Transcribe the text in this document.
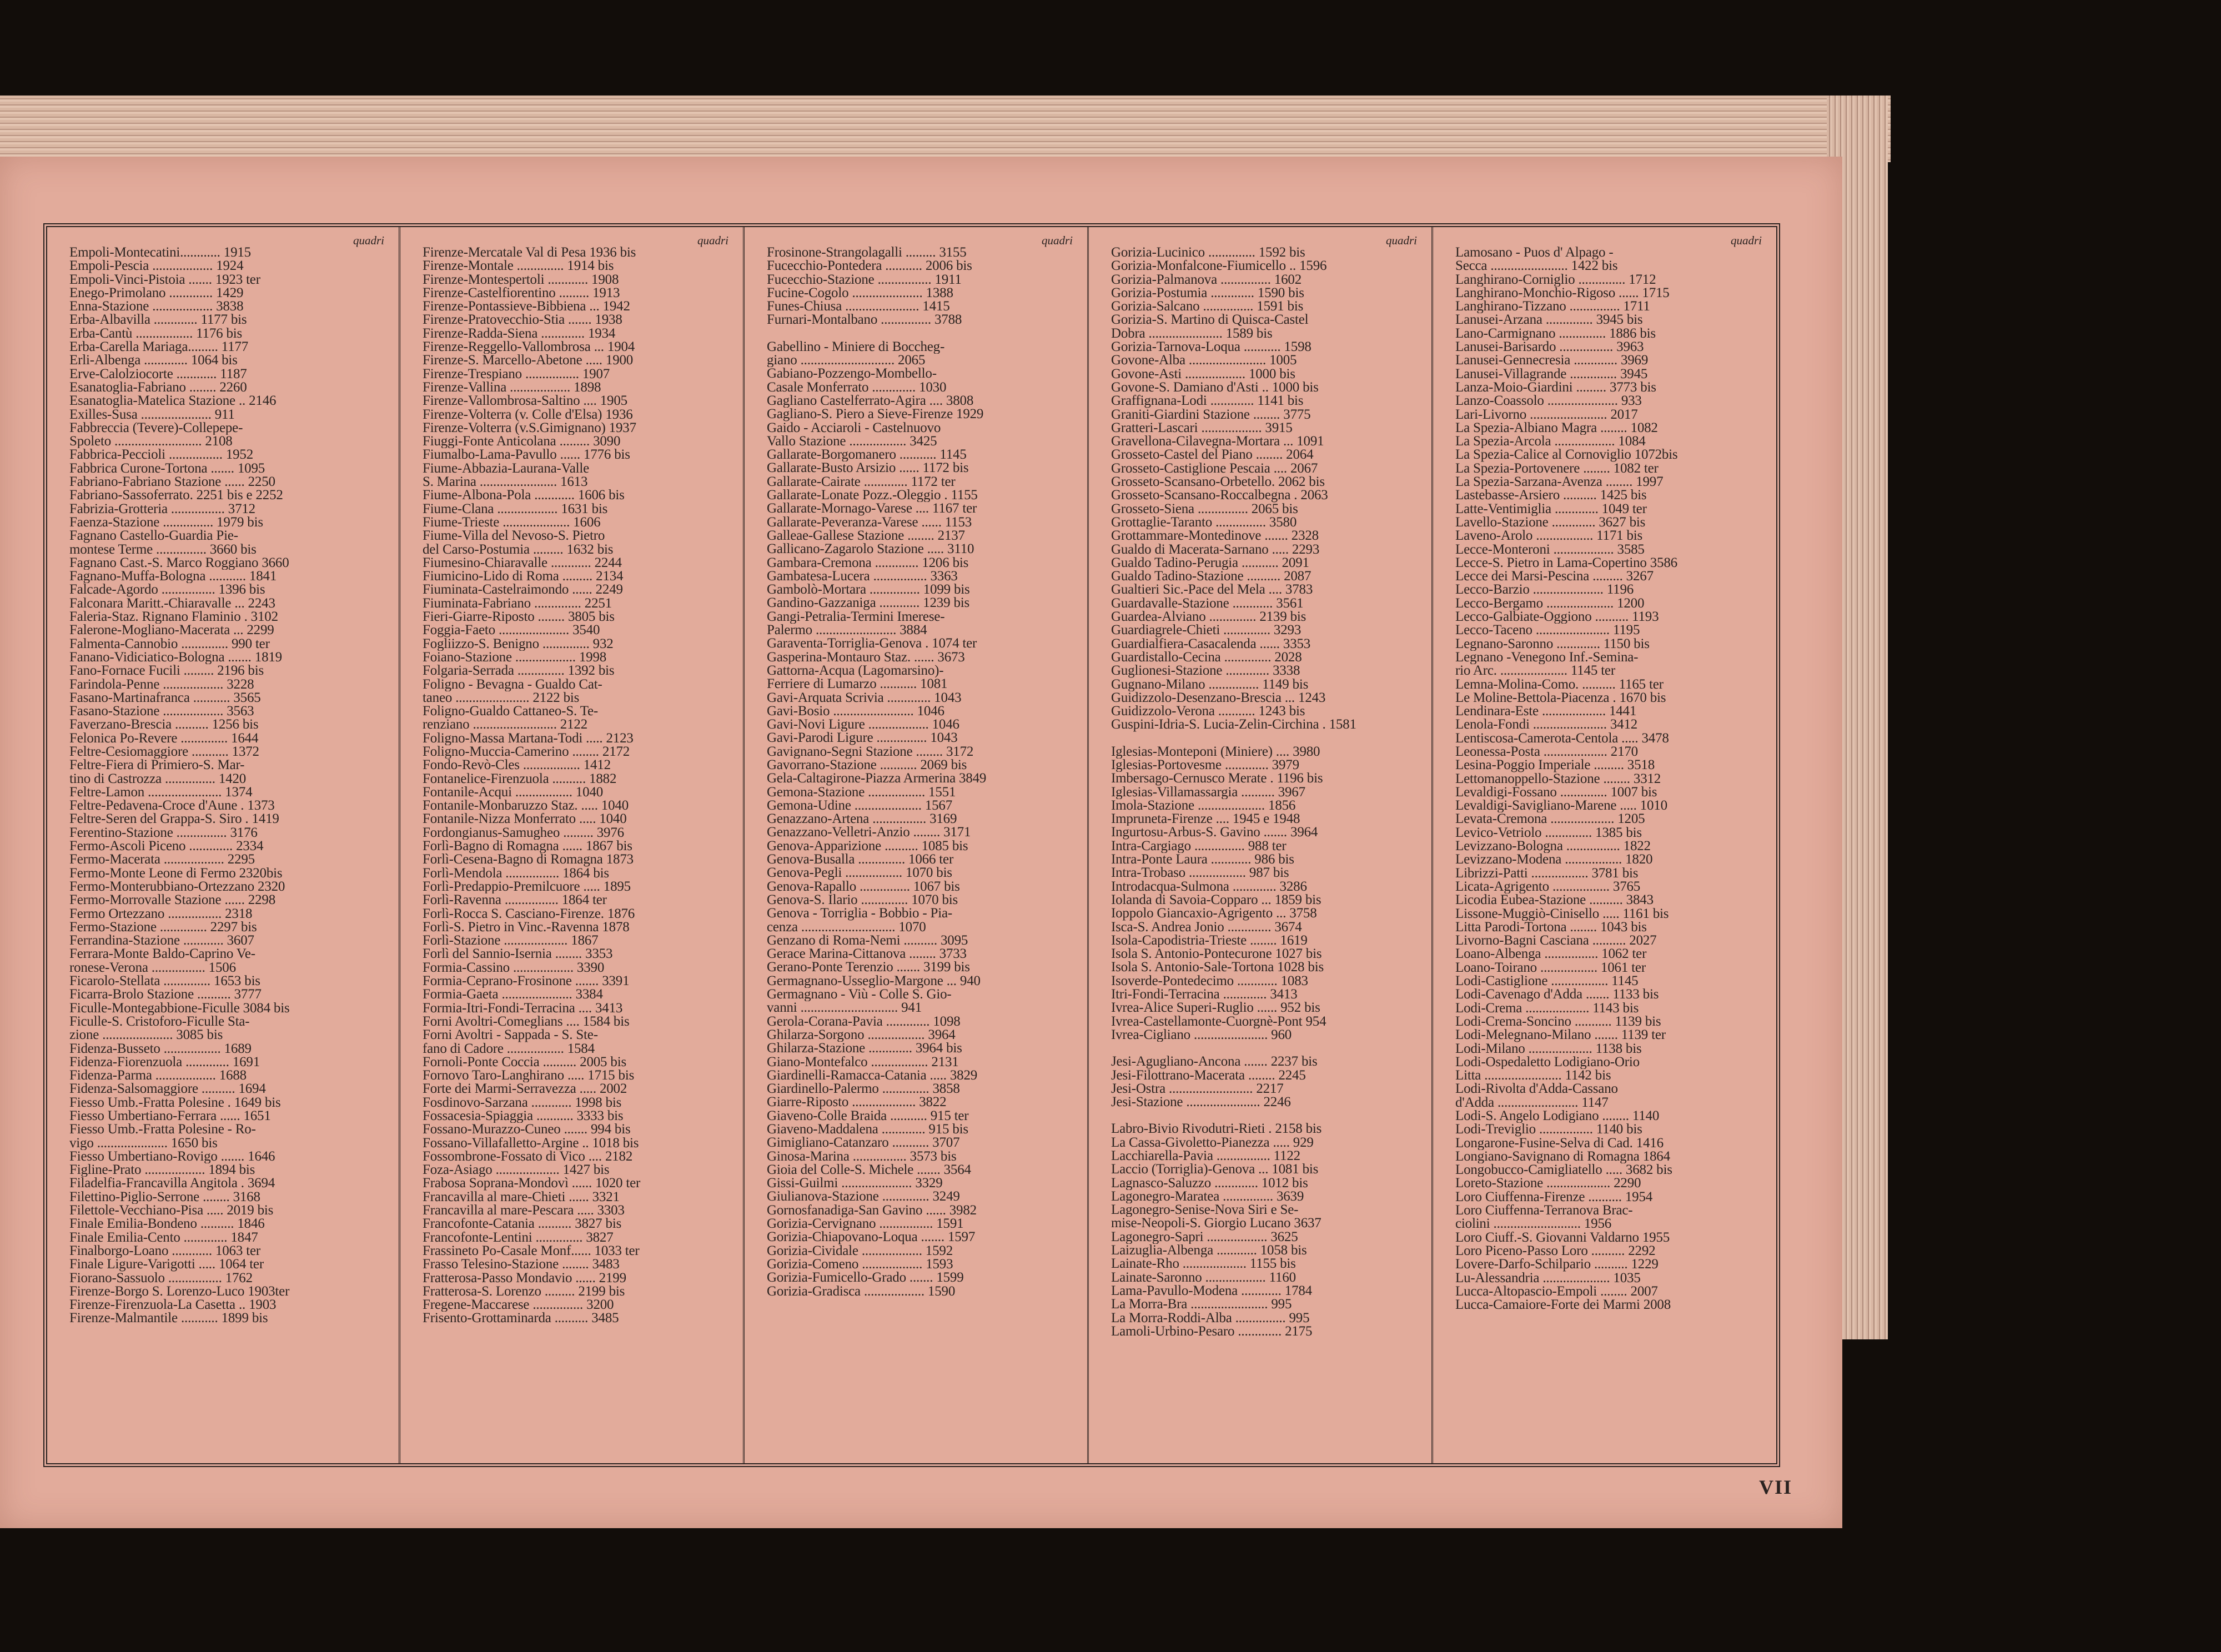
quadri
Empoli-Montecatini............ 1915
Empoli-Pescia .................. 1924
Empoli-Vinci-Pistoia ....... 1923 ter
Enego-Primolano ............. 1429
Enna-Stazione .................. 3838
Erba-Albavilla ............. 1177 bis
Erba-Cantù ................. 1176 bis
Erba-Carella Mariaga......... 1177
Erli-Albenga ............. 1064 bis
Erve-Calolziocorte ............ 1187
Esanatoglia-Fabriano ........ 2260
Esanatoglia-Matelica Stazione .. 2146
Exilles-Susa ..................... 911
Fabbreccia (Tevere)-Collepepe-
Spoleto .......................... 2108
Fabbrica-Peccioli ................ 1952
Fabbrica Curone-Tortona ....... 1095
Fabriano-Fabriano Stazione ...... 2250
Fabriano-Sassoferrato. 2251 bis e 2252
Fabrizia-Grotteria ................ 3712
Faenza-Stazione ............... 1979 bis
Fagnano Castello-Guardia Pie-
montese Terme ............... 3660 bis
Fagnano Cast.-S. Marco Roggiano 3660
Fagnano-Muffa-Bologna ........... 1841
Falcade-Agordo ................ 1396 bis
Falconara Maritt.-Chiaravalle ... 2243
Faleria-Staz. Rignano Flaminio . 3102
Falerone-Mogliano-Macerata ... 2299
Falmenta-Cannobio .............. 990 ter
Fanano-Vidiciatico-Bologna ....... 1819
Fano-Fornace Fucili ......... 2196 bis
Farindola-Penne .................. 3228
Fasano-Martinafranca ........... 3565
Fasano-Stazione .................. 3563
Faverzano-Brescia .......... 1256 bis
Felonica Po-Revere .............. 1644
Feltre-Cesiomaggiore ........... 1372
Feltre-Fiera di Primiero-S. Mar-
tino di Castrozza ............... 1420
Feltre-Lamon ...................... 1374
Feltre-Pedavena-Croce d'Aune . 1373
Feltre-Seren del Grappa-S. Siro . 1419
Ferentino-Stazione ............... 3176
Fermo-Ascoli Piceno ............. 2334
Fermo-Macerata .................. 2295
Fermo-Monte Leone di Fermo 2320bis
Fermo-Monterubbiano-Ortezzano 2320
Fermo-Morrovalle Stazione ...... 2298
Fermo Ortezzano ................ 2318
Fermo-Stazione .............. 2297 bis
Ferrandina-Stazione ............ 3607
Ferrara-Monte Baldo-Caprino Ve-
ronese-Verona ................ 1506
Ficarolo-Stellata .............. 1653 bis
Ficarra-Brolo Stazione .......... 3777
Ficulle-Montegabbione-Ficulle 3084 bis
Ficulle-S. Cristoforo-Ficulle Sta-
zione ..................... 3085 bis
Fidenza-Busseto ................. 1689
Fidenza-Fiorenzuola ............. 1691
Fidenza-Parma .................. 1688
Fidenza-Salsomaggiore .......... 1694
Fiesso Umb.-Fratta Polesine . 1649 bis
Fiesso Umbertiano-Ferrara ...... 1651
Fiesso Umb.-Fratta Polesine - Ro-
vigo ..................... 1650 bis
Fiesso Umbertiano-Rovigo ....... 1646
Figline-Prato .................. 1894 bis
Filadelfia-Francavilla Angitola . 3694
Filettino-Piglio-Serrone ........ 3168
Filettole-Vecchiano-Pisa ..... 2019 bis
Finale Emilia-Bondeno .......... 1846
Finale Emilia-Cento ............. 1847
Finalborgo-Loano ............ 1063 ter
Finale Ligure-Varigotti ..... 1064 ter
Fiorano-Sassuolo ................ 1762
Firenze-Borgo S. Lorenzo-Luco 1903ter
Firenze-Firenzuola-La Casetta .. 1903
Firenze-Malmantile ........... 1899 bis
quadri
Firenze-Mercatale Val di Pesa 1936 bis
Firenze-Montale .............. 1914 bis
Firenze-Montespertoli ............ 1908
Firenze-Castelfiorentino ......... 1913
Firenze-Pontassieve-Bibbiena ... 1942
Firenze-Pratovecchio-Stia ....... 1938
Firenze-Radda-Siena ............. 1934
Firenze-Reggello-Vallombrosa ... 1904
Firenze-S. Marcello-Abetone ..... 1900
Firenze-Trespiano ................ 1907
Firenze-Vallina .................. 1898
Firenze-Vallombrosa-Saltino .... 1905
Firenze-Volterra (v. Colle d'Elsa) 1936
Firenze-Volterra (v.S.Gimignano) 1937
Fiuggi-Fonte Anticolana ......... 3090
Fiumalbo-Lama-Pavullo ...... 1776 bis
Fiume-Abbazia-Laurana-Valle
S. Marina ....................... 1613
Fiume-Albona-Pola ............ 1606 bis
Fiume-Clana .................. 1631 bis
Fiume-Trieste .................... 1606
Fiume-Villa del Nevoso-S. Pietro
del Carso-Postumia ......... 1632 bis
Fiumesino-Chiaravalle ............ 2244
Fiumicino-Lido di Roma ......... 2134
Fiuminata-Castelraimondo ...... 2249
Fiuminata-Fabriano .............. 2251
Fieri-Giarre-Riposto ........ 3805 bis
Foggia-Faeto ..................... 3540
Fogliizzo-S. Benigno .............. 932
Foiano-Stazione .................. 1998
Folgaria-Serrada .............. 1392 bis
Foligno - Bevagna - Gualdo Cat-
taneo ...................... 2122 bis
Foligno-Gualdo Cattaneo-S. Te-
renziano ......................... 2122
Foligno-Massa Martana-Todi ..... 2123
Foligno-Muccia-Camerino ........ 2172
Fondo-Revò-Cles ................. 1412
Fontanelice-Firenzuola .......... 1882
Fontanile-Acqui ................. 1040
Fontanile-Monbaruzzo Staz. ..... 1040
Fontanile-Nizza Monferrato ..... 1040
Fordongianus-Samugheo ......... 3976
Forlì-Bagno di Romagna ...... 1867 bis
Forlì-Cesena-Bagno di Romagna 1873
Forlì-Mendola ................ 1864 bis
Forlì-Predappio-Premilcuore ..... 1895
Forlì-Ravenna ................ 1864 ter
Forlì-Rocca S. Casciano-Firenze. 1876
Forlì-S. Pietro in Vinc.-Ravenna 1878
Forlì-Stazione ................... 1867
Forlì del Sannio-Isernia ........ 3353
Formia-Cassino .................. 3390
Formia-Ceprano-Frosinone ....... 3391
Formia-Gaeta ..................... 3384
Formia-Itri-Fondi-Terracina .... 3413
Forni Avoltri-Comeglians .... 1584 bis
Forni Avoltri - Sappada - S. Ste-
fano di Cadore ................. 1584
Fornoli-Ponte Coccia .......... 2005 bis
Fornovo Taro-Langhirano ..... 1715 bis
Forte dei Marmi-Serravezza ..... 2002
Fosdinovo-Sarzana ............ 1998 bis
Fossacesia-Spiaggia ........... 3333 bis
Fossano-Murazzo-Cuneo ....... 994 bis
Fossano-Villafalletto-Argine .. 1018 bis
Fossombrone-Fossato di Vico .... 2182
Foza-Asiago ................... 1427 bis
Frabosa Soprana-Mondovì ...... 1020 ter
Francavilla al mare-Chieti ...... 3321
Francavilla al mare-Pescara ..... 3303
Francofonte-Catania .......... 3827 bis
Francofonte-Lentini .............. 3827
Frassineto Po-Casale Monf...... 1033 ter
Frasso Telesino-Stazione ........ 3483
Fratterosa-Passo Mondavio ...... 2199
Fratterosa-S. Lorenzo ......... 2199 bis
Fregene-Maccarese ............... 3200
Frisento-Grottaminarda .......... 3485
quadri
Frosinone-Strangolagalli ......... 3155
Fucecchio-Pontedera ........... 2006 bis
Fucecchio-Stazione ................ 1911
Fucine-Cogolo ..................... 1388
Funes-Chiusa ...................... 1415
Furnari-Montalbano ............... 3788
Gabellino - Miniere di Boccheg-
giano ............................ 2065
Gabiano-Pozzengo-Mombello-
Casale Monferrato ............. 1030
Gagliano Castelferrato-Agira .... 3808
Gagliano-S. Piero a Sieve-Firenze 1929
Gaido - Acciaroli - Castelnuovo
Vallo Stazione ................. 3425
Gallarate-Borgomanero ........... 1145
Gallarate-Busto Arsizio ...... 1172 bis
Gallarate-Cairate ............. 1172 ter
Gallarate-Lonate Pozz.-Oleggio . 1155
Gallarate-Mornago-Varese .... 1167 ter
Gallarate-Peveranza-Varese ...... 1153
Galleae-Gallese Stazione ........ 2137
Gallicano-Zagarolo Stazione ..... 3110
Gambara-Cremona ............. 1206 bis
Gambatesa-Lucera ................ 3363
Gambolò-Mortara ............... 1099 bis
Gandino-Gazzaniga ............ 1239 bis
Gangi-Petralia-Termini Imerese-
Palermo ........................ 3884
Garaventa-Torriglia-Genova . 1074 ter
Gasperina-Montauro Staz. ...... 3673
Gattorna-Acqua (Lagomarsino)-
Ferriere di Lumarzo ........... 1081
Gavi-Arquata Scrivia ............. 1043
Gavi-Bosio ........................ 1046
Gavi-Novi Ligure .................. 1046
Gavi-Parodi Ligure ............... 1043
Gavignano-Segni Stazione ........ 3172
Gavorrano-Stazione ........... 2069 bis
Gela-Caltagirone-Piazza Armerina 3849
Gemona-Stazione ................. 1551
Gemona-Udine .................... 1567
Genazzano-Artena ................ 3169
Genazzano-Velletri-Anzio ........ 3171
Genova-Apparizione .......... 1085 bis
Genova-Busalla .............. 1066 ter
Genova-Pegli ................. 1070 bis
Genova-Rapallo ............... 1067 bis
Genova-S. Ilario .............. 1070 bis
Genova - Torriglia - Bobbio - Pia-
cenza ............................ 1070
Genzano di Roma-Nemi .......... 3095
Gerace Marina-Cittanova ........ 3733
Gerano-Ponte Terenzio ....... 3199 bis
Germagnano-Usseglio-Margone ... 940
Germagnano - Viù - Colle S. Gio-
vanni ............................. 941
Gerola-Corana-Pavia ............. 1098
Ghilarza-Sorgono ................. 3964
Ghilarza-Stazione ............. 3964 bis
Giano-Montefalco ................. 2131
Giardinelli-Ramacca-Catania ..... 3829
Giardinello-Palermo .............. 3858
Giarre-Riposto ................... 3822
Giaveno-Colle Braida ........... 915 ter
Giaveno-Maddalena ............. 915 bis
Gimigliano-Catanzaro ........... 3707
Ginosa-Marina ................ 3573 bis
Gioia del Colle-S. Michele ....... 3564
Gissi-Guilmi ..................... 3329
Giulianova-Stazione .............. 3249
Gornosfanadiga-San Gavino ...... 3982
Gorizia-Cervignano ................ 1591
Gorizia-Chiapovano-Loqua ....... 1597
Gorizia-Cividale .................. 1592
Gorizia-Comeno .................. 1593
Gorizia-Fumicello-Grado ....... 1599
Gorizia-Gradisca .................. 1590
quadri
Gorizia-Lucinico .............. 1592 bis
Gorizia-Monfalcone-Fiumicello .. 1596
Gorizia-Palmanova ............... 1602
Gorizia-Postumia ............. 1590 bis
Gorizia-Salcano ............... 1591 bis
Gorizia-S. Martino di Quisca-Castel
Dobra ...................... 1589 bis
Gorizia-Tarnova-Loqua ........... 1598
Govone-Alba ....................... 1005
Govone-Asti .................. 1000 bis
Govone-S. Damiano d'Asti .. 1000 bis
Graffignana-Lodi ............. 1141 bis
Graniti-Giardini Stazione ........ 3775
Gratteri-Lascari .................. 3915
Gravellona-Cilavegna-Mortara ... 1091
Grosseto-Castel del Piano ........ 2064
Grosseto-Castiglione Pescaia .... 2067
Grosseto-Scansano-Orbetello. 2062 bis
Grosseto-Scansano-Roccalbegna . 2063
Grosseto-Siena ............... 2065 bis
Grottaglie-Taranto ............... 3580
Grottammare-Montedinove ....... 2328
Gualdo di Macerata-Sarnano ..... 2293
Gualdo Tadino-Perugia ........... 2091
Gualdo Tadino-Stazione .......... 2087
Gualtieri Sic.-Pace del Mela .... 3783
Guardavalle-Stazione ............ 3561
Guardea-Alviano .............. 2139 bis
Guardiagrele-Chieti .............. 3293
Guardialfiera-Casacalenda ...... 3353
Guardistallo-Cecina .............. 2028
Guglionesi-Stazione ............. 3338
Gugnano-Milano ............... 1149 bis
Guidizzolo-Desenzano-Brescia ... 1243
Guidizzolo-Verona ........... 1243 bis
Guspini-Idria-S. Lucia-Zelin-Circhina . 1581
Iglesias-Monteponi (Miniere) .... 3980
Iglesias-Portovesme ............. 3979
Imbersago-Cernusco Merate . 1196 bis
Iglesias-Villamassargia .......... 3967
Imola-Stazione .................... 1856
Impruneta-Firenze .... 1945 e 1948
Ingurtosu-Arbus-S. Gavino ....... 3964
Intra-Cargiago ............... 988 ter
Intra-Ponte Laura ............ 986 bis
Intra-Trobaso ................. 987 bis
Introdacqua-Sulmona ............. 3286
Iolanda di Savoia-Copparo ... 1859 bis
Ioppolo Giancaxio-Agrigento ... 3758
Isca-S. Andrea Jonio ............. 3674
Isola-Capodistria-Trieste ........ 1619
Isola S. Antonio-Pontecurone 1027 bis
Isola S. Antonio-Sale-Tortona 1028 bis
Isoverde-Pontedecimo ............ 1083
Itri-Fondi-Terracina ............. 3413
Ivrea-Alice Superi-Ruglio ...... 952 bis
Ivrea-Castellamonte-Cuorgnè-Pont 954
Ivrea-Cigliano ...................... 960
Jesi-Agugliano-Ancona ....... 2237 bis
Jesi-Filottrano-Macerata ........ 2245
Jesi-Ostra ......................... 2217
Jesi-Stazione ...................... 2246
Labro-Bivio Rivodutri-Rieti . 2158 bis
La Cassa-Givoletto-Pianezza ..... 929
Lacchiarella-Pavia ................ 1122
Laccio (Torriglia)-Genova ... 1081 bis
Lagnasco-Saluzzo ............. 1012 bis
Lagonegro-Maratea ............... 3639
Lagonegro-Senise-Nova Siri e Se-
mise-Neopoli-S. Giorgio Lucano 3637
Lagonegro-Sapri .................. 3625
Laizuglia-Albenga ............ 1058 bis
Lainate-Rho ................... 1155 bis
Lainate-Saronno .................. 1160
Lama-Pavullo-Modena ............ 1784
La Morra-Bra ....................... 995
La Morra-Roddi-Alba ............... 995
Lamoli-Urbino-Pesaro ............. 2175
quadri
Lamosano - Puos d' Alpago -
Secca ....................... 1422 bis
Langhirano-Corniglio .............. 1712
Langhirano-Monchio-Rigoso ...... 1715
Langhirano-Tizzano ............... 1711
Lanusei-Arzana .............. 3945 bis
Lano-Carmignano .............. 1886 bis
Lanusei-Barisardo ................ 3963
Lanusei-Gennecresia ............. 3969
Lanusei-Villagrande .............. 3945
Lanza-Moio-Giardini ......... 3773 bis
Lanzo-Coassolo ..................... 933
Lari-Livorno ....................... 2017
La Spezia-Albiano Magra ........ 1082
La Spezia-Arcola .................. 1084
La Spezia-Calice al Cornoviglio 1072bis
La Spezia-Portovenere ........ 1082 ter
La Spezia-Sarzana-Avenza ........ 1997
Lastebasse-Arsiero .......... 1425 bis
Latte-Ventimiglia ............. 1049 ter
Lavello-Stazione ............. 3627 bis
Laveno-Arolo ................. 1171 bis
Lecce-Monteroni .................. 3585
Lecce-S. Pietro in Lama-Copertino 3586
Lecce dei Marsi-Pescina ......... 3267
Lecco-Barzio ..................... 1196
Lecco-Bergamo .................... 1200
Lecco-Galbiate-Oggiono .......... 1193
Lecco-Taceno ...................... 1195
Legnano-Saronno ............. 1150 bis
Legnano -Venegono Inf.-Semina-
rio Arc. .................... 1145 ter
Lemna-Molina-Como. .......... 1165 ter
Le Moline-Bettola-Piacenza . 1670 bis
Lendinara-Este ................... 1441
Lenola-Fondi ...................... 3412
Lentiscosa-Camerota-Centola ..... 3478
Leonessa-Posta ................... 2170
Lesina-Poggio Imperiale ......... 3518
Lettomanoppello-Stazione ........ 3312
Levaldigi-Fossano .............. 1007 bis
Levaldigi-Savigliano-Marene ..... 1010
Levata-Cremona ................... 1205
Levico-Vetriolo .............. 1385 bis
Levizzano-Bologna ................ 1822
Levizzano-Modena ................. 1820
Librizzi-Patti ................. 3781 bis
Licata-Agrigento ................. 3765
Licodia Eubea-Stazione .......... 3843
Lissone-Muggiò-Cinisello ..... 1161 bis
Litta Parodi-Tortona ........ 1043 bis
Livorno-Bagni Casciana .......... 2027
Loano-Albenga ................ 1062 ter
Loano-Toirano ................. 1061 ter
Lodi-Castiglione ................. 1145
Lodi-Cavenago d'Adda ....... 1133 bis
Lodi-Crema ................... 1143 bis
Lodi-Crema-Soncino ........... 1139 bis
Lodi-Melegnano-Milano ....... 1139 ter
Lodi-Milano ................... 1138 bis
Lodi-Ospedaletto Lodigiano-Orio
Litta ....................... 1142 bis
Lodi-Rivolta d'Adda-Cassano
d'Adda ........................ 1147
Lodi-S. Angelo Lodigiano ........ 1140
Lodi-Treviglio ................ 1140 bis
Longarone-Fusine-Selva di Cad. 1416
Longiano-Savignano di Romagna 1864
Longobucco-Camigliatello ..... 3682 bis
Loreto-Stazione ................... 2290
Loro Ciuffenna-Firenze .......... 1954
Loro Ciuffenna-Terranova Brac-
ciolini .......................... 1956
Loro Ciuff.-S. Giovanni Valdarno 1955
Loro Piceno-Passo Loro .......... 2292
Lovere-Darfo-Schilpario .......... 1229
Lu-Alessandria .................... 1035
Lucca-Altopascio-Empoli ........ 2007
Lucca-Camaiore-Forte dei Marmi 2008
VII
